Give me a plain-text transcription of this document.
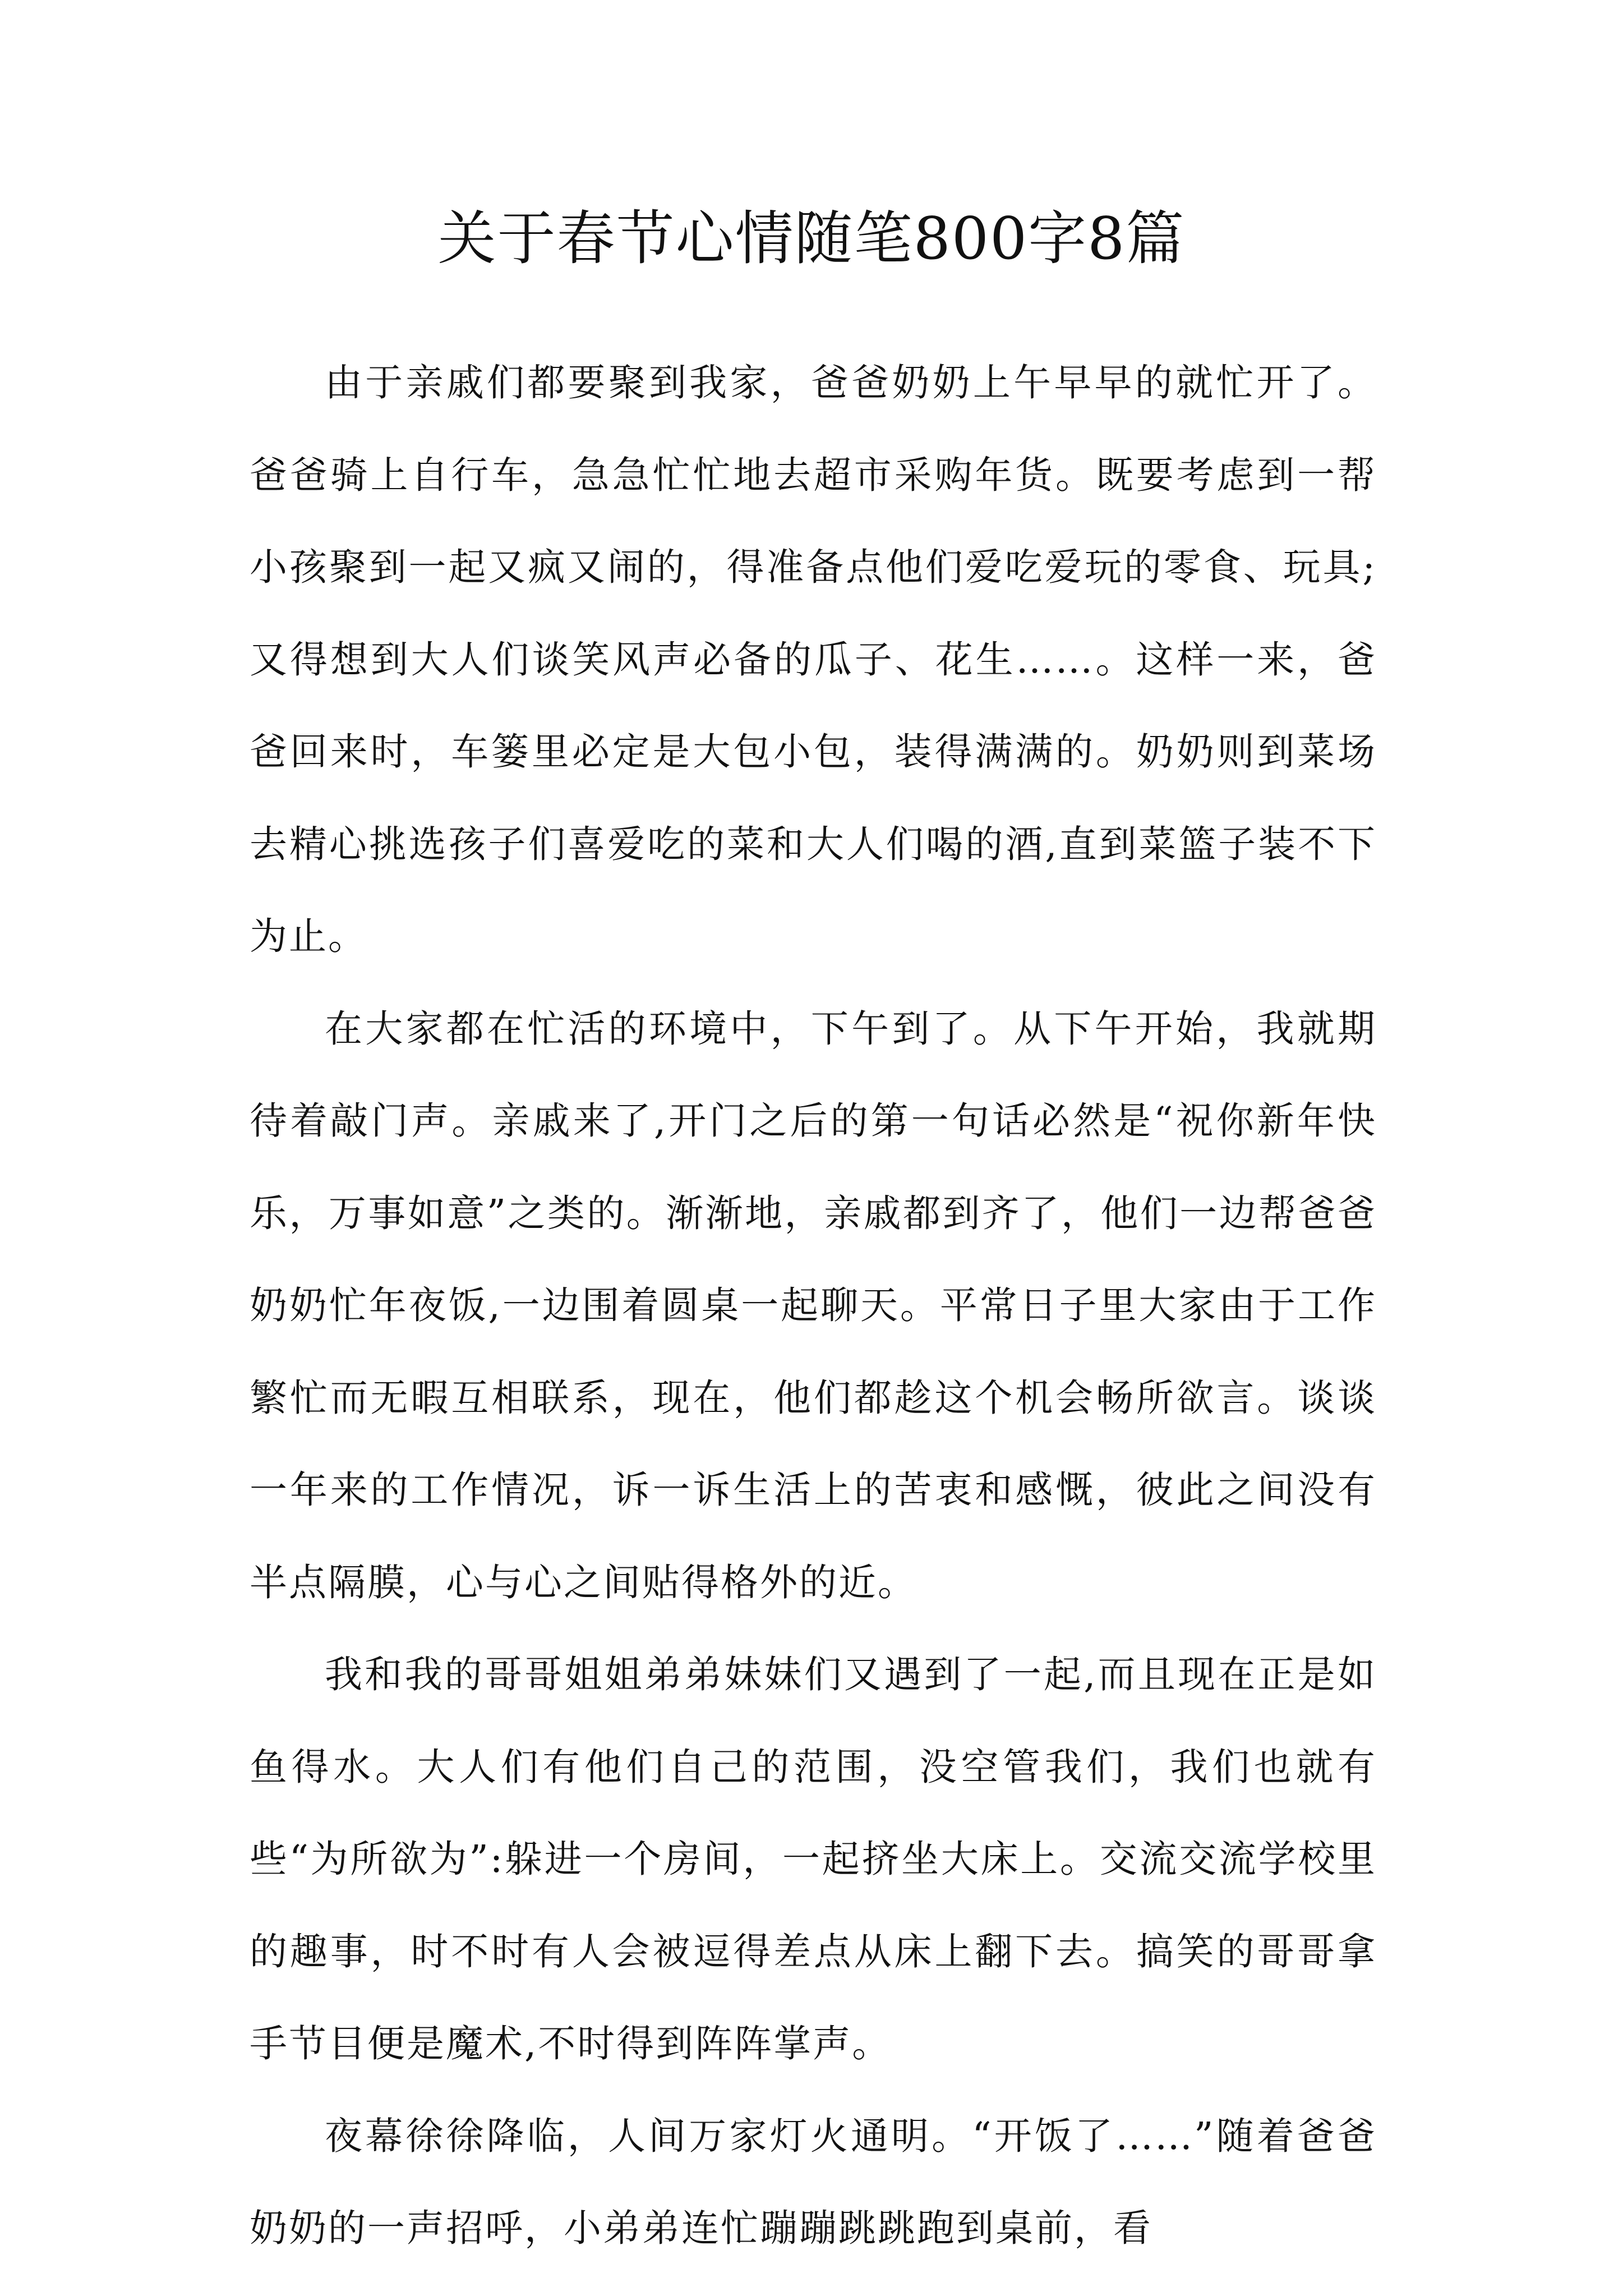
关于春节心情随笔800字8篇

由于亲戚们都要聚到我家，爸爸奶奶上午早早的就忙开了。爸爸骑上自行车，急急忙忙地去超市采购年货。既要考虑到一帮小孩聚到一起又疯又闹的，得准备点他们爱吃爱玩的零食、玩具;又得想到大人们谈笑风声必备的瓜子、花生……。这样一来，爸爸回来时，车篓里必定是大包小包，装得满满的。奶奶则到菜场去精心挑选孩子们喜爱吃的菜和大人们喝的酒,直到菜篮子装不下为止。

在大家都在忙活的环境中，下午到了。从下午开始，我就期待着敲门声。亲戚来了,开门之后的第一句话必然是“祝你新年快乐，万事如意”之类的。渐渐地，亲戚都到齐了，他们一边帮爸爸奶奶忙年夜饭,一边围着圆桌一起聊天。平常日子里大家由于工作繁忙而无暇互相联系，现在，他们都趁这个机会畅所欲言。谈谈一年来的工作情况，诉一诉生活上的苦衷和感慨，彼此之间没有半点隔膜，心与心之间贴得格外的近。

我和我的哥哥姐姐弟弟妹妹们又遇到了一起,而且现在正是如鱼得水。大人们有他们自己的范围，没空管我们，我们也就有些“为所欲为”:躲进一个房间，一起挤坐大床上。交流交流学校里的趣事，时不时有人会被逗得差点从床上翻下去。搞笑的哥哥拿手节目便是魔术,不时得到阵阵掌声。

夜幕徐徐降临，人间万家灯火通明。“开饭了……”随着爸爸奶奶的一声招呼，小弟弟连忙蹦蹦跳跳跑到桌前，看
